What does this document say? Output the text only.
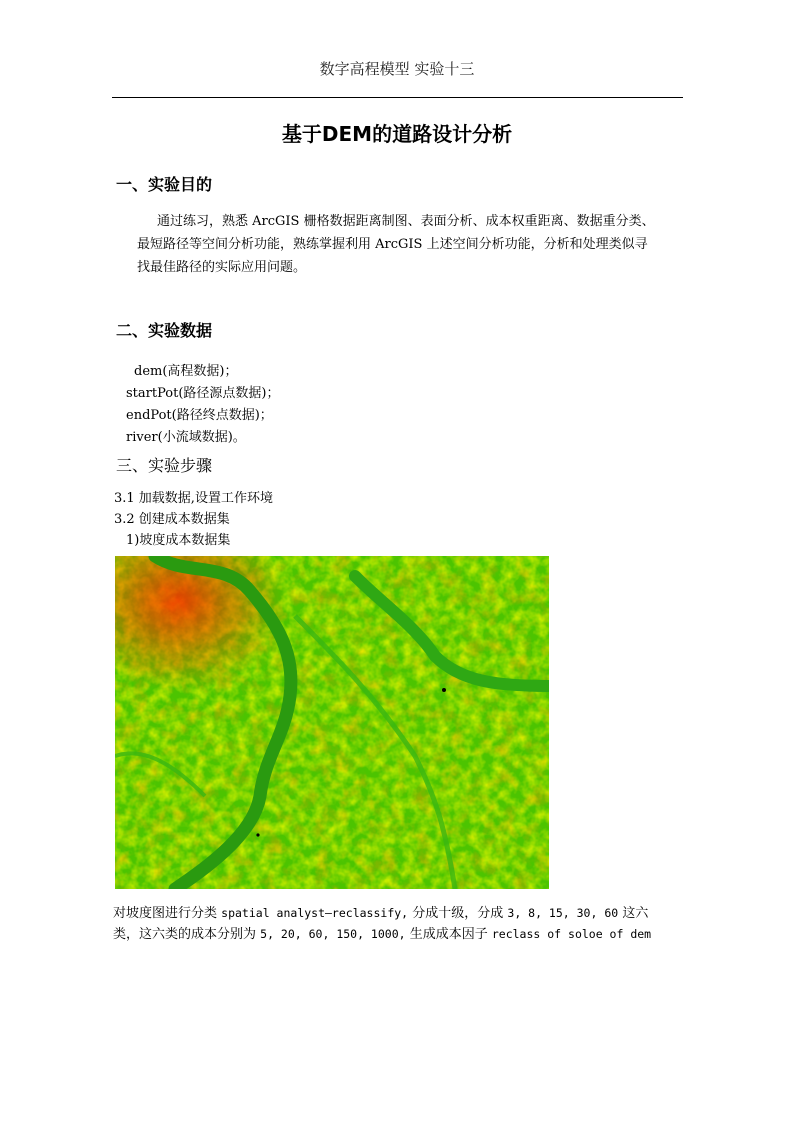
数字高程模型 实验十三
基于DEM的道路设计分析
一、实验目的
通过练习，熟悉 ArcGIS 栅格数据距离制图、表面分析、成本权重距离、数据重分类、
最短路径等空间分析功能，熟练掌握利用 ArcGIS 上述空间分析功能，分析和处理类似寻
找最佳路径的实际应用问题。
二、实验数据
dem(高程数据)；
startPot(路径源点数据)；
endPot(路径终点数据)；
river(小流域数据)。
三、实验步骤
3.1 加载数据,设置工作环境
3.2 创建成本数据集
1)坡度成本数据集
对坡度图进行分类 spatial analyst—reclassify, 分成十级，分成 3, 8, 15, 30, 60 这六
类，这六类的成本分别为 5, 20, 60, 150, 1000, 生成成本因子 reclass of soloe of dem
